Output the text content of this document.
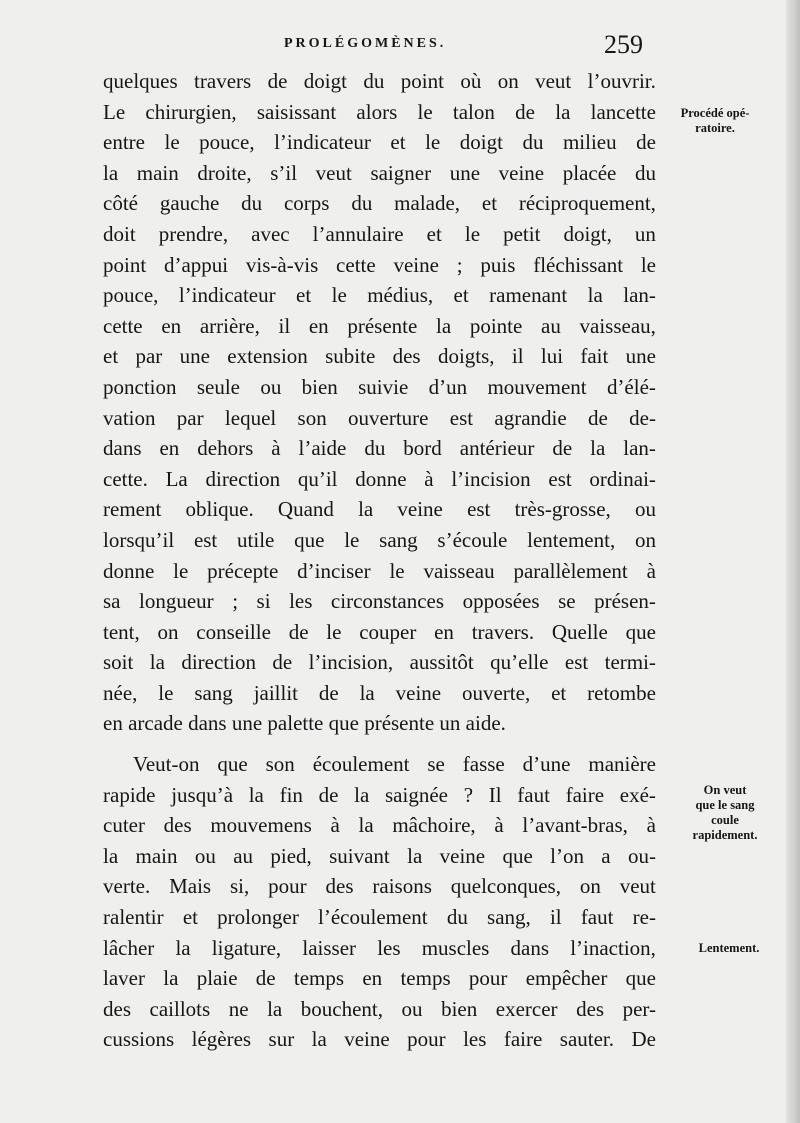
PROLÉGOMÈNES.	259
quelques travers de doigt du point où on veut l’ouvrir.
Le chirurgien, saisissant alors le talon de la lancette
entre le pouce, l’indicateur et le doigt du milieu de
la main droite, s’il veut saigner une veine placée du
côté gauche du corps du malade, et réciproquement,
doit prendre, avec l’annulaire et le petit doigt, un
point d’appui vis-à-vis cette veine ; puis fléchissant le
pouce, l’indicateur et le médius, et ramenant la lan-
cette en arrière, il en présente la pointe au vaisseau,
et par une extension subite des doigts, il lui fait une
ponction seule ou bien suivie d’un mouvement d’élé-
vation par lequel son ouverture est agrandie de de-
dans en dehors à l’aide du bord antérieur de la lan-
cette. La direction qu’il donne à l’incision est ordinai-
rement oblique. Quand la veine est très-grosse, ou
lorsqu’il est utile que le sang s’écoule lentement, on
donne le précepte d’inciser le vaisseau parallèlement à
sa longueur ; si les circonstances opposées se présen-
tent, on conseille de le couper en travers. Quelle que
soit la direction de l’incision, aussitôt qu’elle est termi-
née, le sang jaillit de la veine ouverte, et retombe
en arcade dans une palette que présente un aide.
Veut-on que son écoulement se fasse d’une manière
rapide jusqu’à la fin de la saignée ? Il faut faire exé-
cuter des mouvemens à la mâchoire, à l’avant-bras, à
la main ou au pied, suivant la veine que l’on a ou-
verte. Mais si, pour des raisons quelconques, on veut
ralentir et prolonger l’écoulement du sang, il faut re-
lâcher la ligature, laisser les muscles dans l’inaction,
laver la plaie de temps en temps pour empêcher que
des caillots ne la bouchent, ou bien exercer des per-
cussions légères sur la veine pour les faire sauter. De
Procédé opé-
ratoire.
On veut
que le sang
coule
rapidement.
Lentement.
